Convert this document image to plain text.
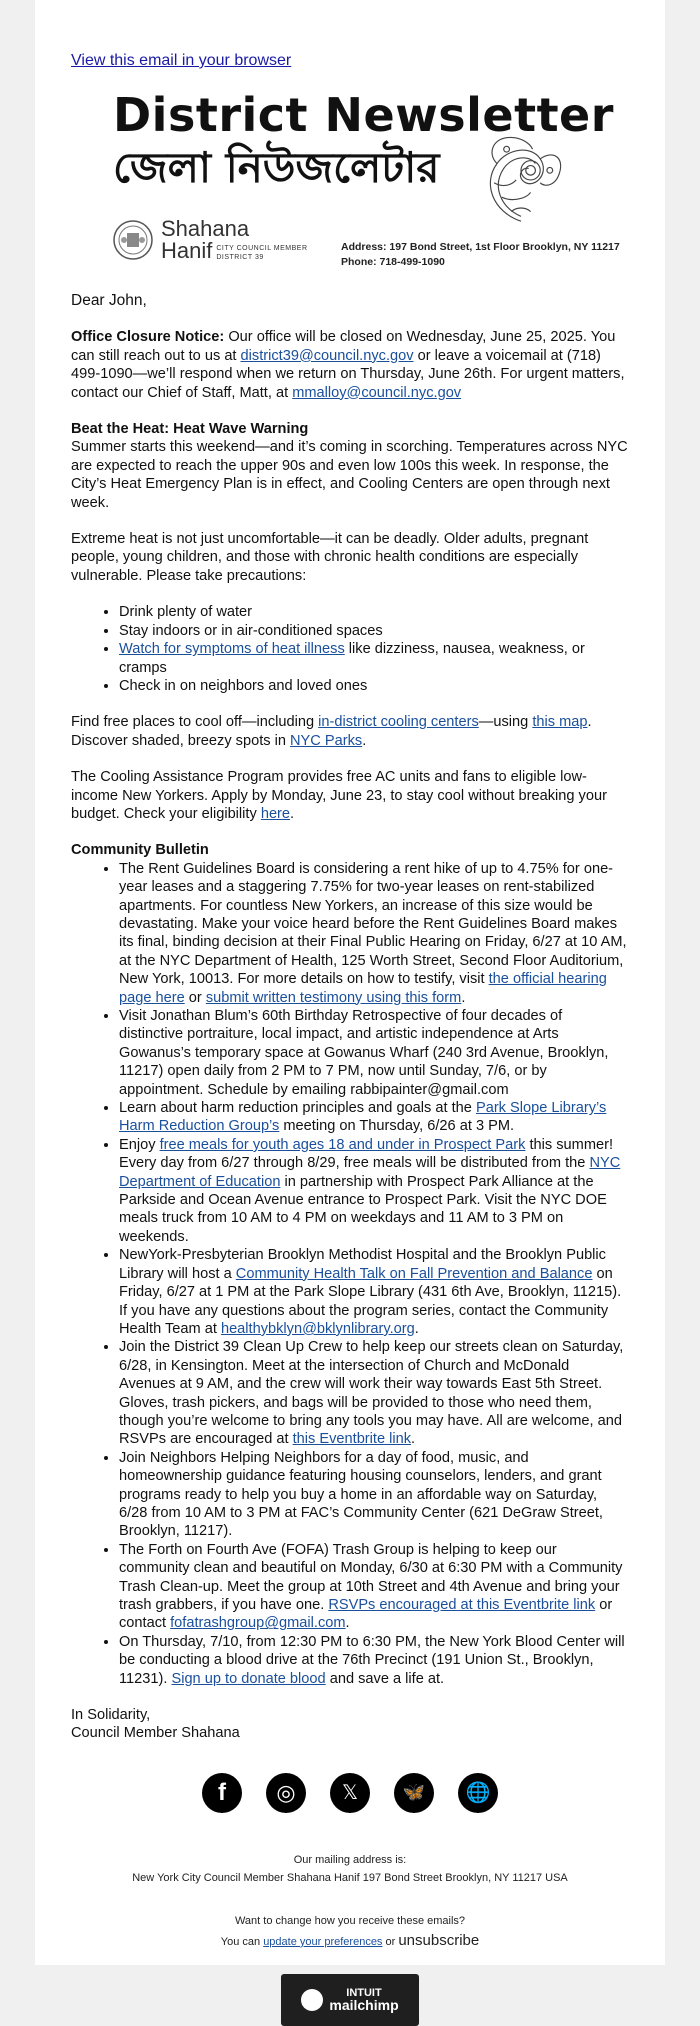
View this email in your browser
District Newsletter
জেলা নিউজলেটার
Shahana
Hanif CITY COUNCIL MEMBER
DISTRICT 39
Address: 197 Bond Street, 1st Floor Brooklyn, NY 11217
Phone: 718-499-1090

Dear John,

Office Closure Notice: Our office will be closed on Wednesday, June 25, 2025. You can still reach out to us at district39@council.nyc.gov or leave a voicemail at (718) 499-1090—we’ll respond when we return on Thursday, June 26th. For urgent matters, contact our Chief of Staff, Matt, at mmalloy@council.nyc.gov

Beat the Heat: Heat Wave Warning

Summer starts this weekend—and it’s coming in scorching. Temperatures across NYC are expected to reach the upper 90s and even low 100s this week. In response, the City’s Heat Emergency Plan is in effect, and Cooling Centers are open through next week.

Extreme heat is not just uncomfortable—it can be deadly. Older adults, pregnant people, young children, and those with chronic health conditions are especially vulnerable. Please take precautions:

• Drink plenty of water
• Stay indoors or in air-conditioned spaces
• Watch for symptoms of heat illness like dizziness, nausea, weakness, or cramps
• Check in on neighbors and loved ones

Find free places to cool off—including in-district cooling centers—using this map. Discover shaded, breezy spots in NYC Parks.

The Cooling Assistance Program provides free AC units and fans to eligible low-income New Yorkers. Apply by Monday, June 23, to stay cool without breaking your budget. Check your eligibility here.

Community Bulletin
• The Rent Guidelines Board is considering a rent hike of up to 4.75% for one-year leases and a staggering 7.75% for two-year leases on rent-stabilized apartments. For countless New Yorkers, an increase of this size would be devastating. Make your voice heard before the Rent Guidelines Board makes its final, binding decision at their Final Public Hearing on Friday, 6/27 at 10 AM, at the NYC Department of Health, 125 Worth Street, Second Floor Auditorium, New York, 10013. For more details on how to testify, visit the official hearing page here or submit written testimony using this form.
• Visit Jonathan Blum’s 60th Birthday Retrospective of four decades of distinctive portraiture, local impact, and artistic independence at Arts Gowanus’s temporary space at Gowanus Wharf (240 3rd Avenue, Brooklyn, 11217) open daily from 2 PM to 7 PM, now until Sunday, 7/6, or by appointment. Schedule by emailing rabbipainter@gmail.com
• Learn about harm reduction principles and goals at the Park Slope Library’s Harm Reduction Group’s meeting on Thursday, 6/26 at 3 PM.
• Enjoy free meals for youth ages 18 and under in Prospect Park this summer! Every day from 6/27 through 8/29, free meals will be distributed from the NYC Department of Education in partnership with Prospect Park Alliance at the Parkside and Ocean Avenue entrance to Prospect Park. Visit the NYC DOE meals truck from 10 AM to 4 PM on weekdays and 11 AM to 3 PM on weekends.
• NewYork-Presbyterian Brooklyn Methodist Hospital and the Brooklyn Public Library will host a Community Health Talk on Fall Prevention and Balance on Friday, 6/27 at 1 PM at the Park Slope Library (431 6th Ave, Brooklyn, 11215). If you have any questions about the program series, contact the Community Health Team at healthybklyn@bklynlibrary.org.
• Join the District 39 Clean Up Crew to help keep our streets clean on Saturday, 6/28, in Kensington. Meet at the intersection of Church and McDonald Avenues at 9 AM, and the crew will work their way towards East 5th Street. Gloves, trash pickers, and bags will be provided to those who need them, though you’re welcome to bring any tools you may have. All are welcome, and RSVPs are encouraged at this Eventbrite link.
• Join Neighbors Helping Neighbors for a day of food, music, and homeownership guidance featuring housing counselors, lenders, and grant programs ready to help you buy a home in an affordable way on Saturday, 6/28 from 10 AM to 3 PM at FAC’s Community Center (621 DeGraw Street, Brooklyn, 11217).
• The Forth on Fourth Ave (FOFA) Trash Group is helping to keep our community clean and beautiful on Monday, 6/30 at 6:30 PM with a Community Trash Clean-up. Meet the group at 10th Street and 4th Avenue and bring your trash grabbers, if you have one. RSVPs encouraged at this Eventbrite link or contact fofatrashgroup@gmail.com.
• On Thursday, 7/10, from 12:30 PM to 6:30 PM, the New York Blood Center will be conducting a blood drive at the 76th Precinct (191 Union St., Brooklyn, 11231). Sign up to donate blood and save a life at.
In Solidarity,
Council Member Shahana
f	◎	𝕏	🦋	🌐
Our mailing address is:
New York City Council Member Shahana Hanif 197 Bond Street Brooklyn, NY 11217 USA
Want to change how you receive these emails?
You can update your preferences or unsubscribe
INTUIT
mailchimp
